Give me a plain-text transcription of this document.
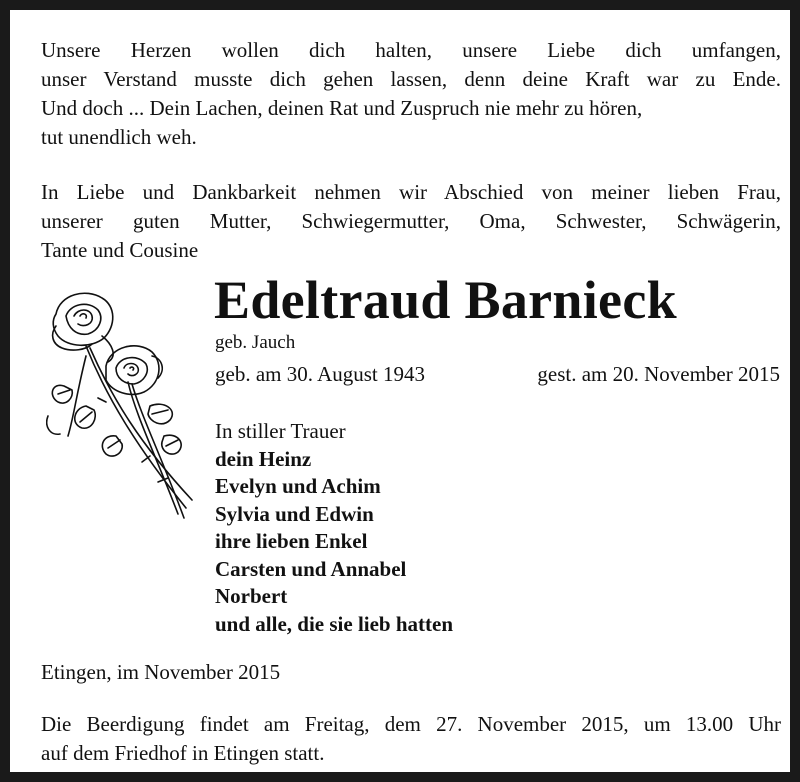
Unsere Herzen wollen dich halten, unsere Liebe dich umfangen,
unser Verstand musste dich gehen lassen, denn deine Kraft war zu Ende.
Und doch ... Dein Lachen, deinen Rat und Zuspruch nie mehr zu hören,
tut unendlich weh.
In Liebe und Dankbarkeit nehmen wir Abschied von meiner lieben Frau,
unserer guten Mutter, Schwiegermutter, Oma, Schwester, Schwägerin,
Tante und Cousine
Edeltraud Barnieck
geb. Jauch
geb. am 30. August 1943	gest. am 20. November 2015
In stiller Trauer
dein Heinz
Evelyn und Achim
Sylvia und Edwin
ihre lieben Enkel
Carsten und Annabel
Norbert
und alle, die sie lieb hatten
Etingen, im November 2015
Die Beerdigung findet am Freitag, dem 27. November 2015, um 13.00 Uhr
auf dem Friedhof in Etingen statt.
